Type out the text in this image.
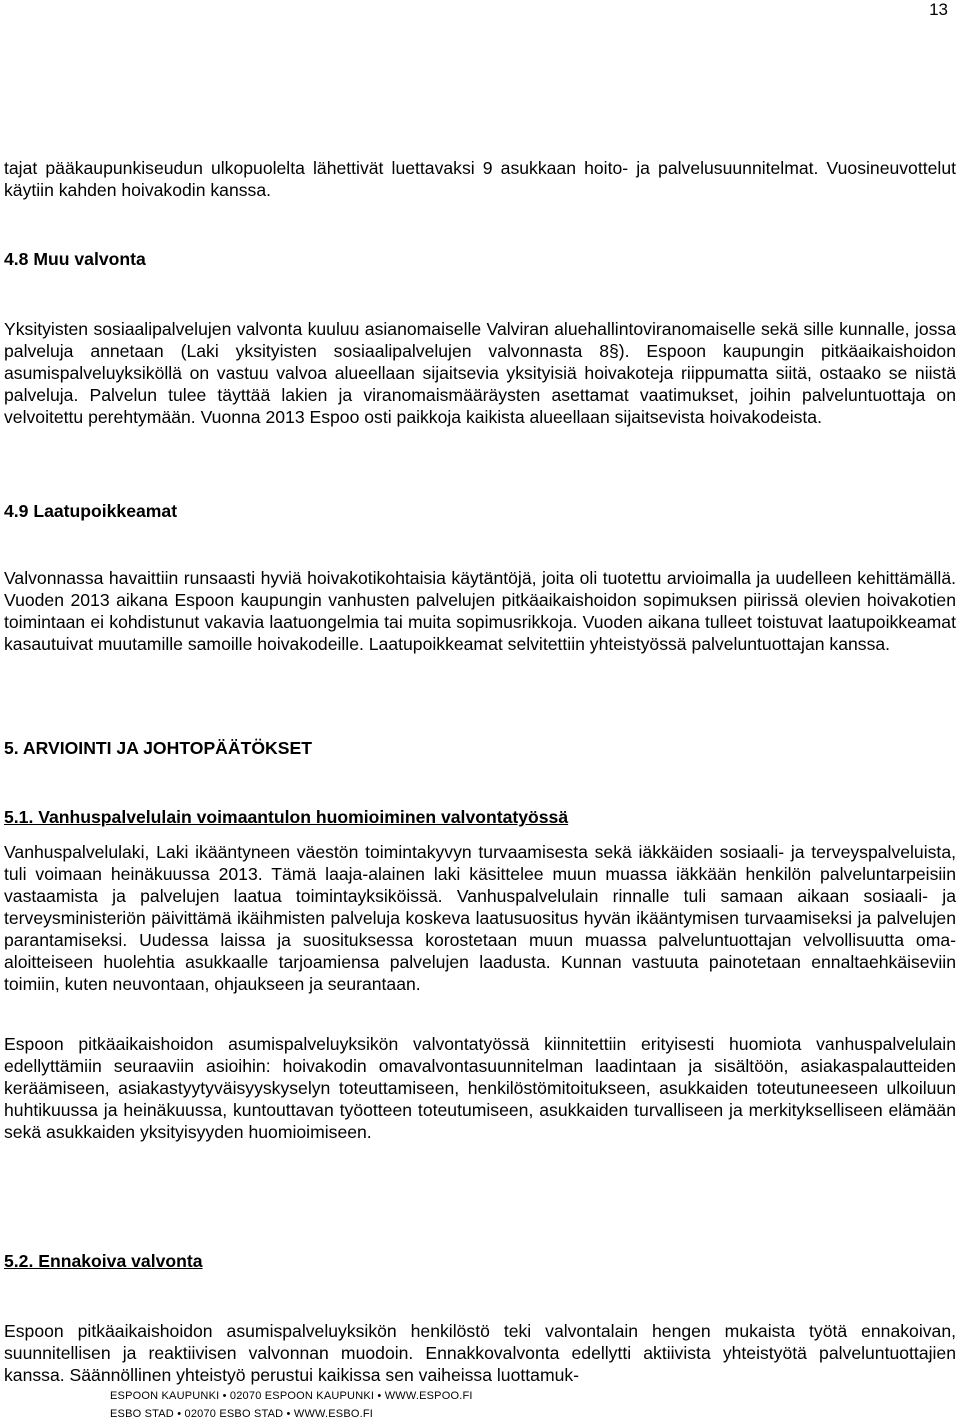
13

tajat pääkaupunkiseudun ulkopuolelta lähettivät luettavaksi 9 asukkaan hoito- ja palvelusuunnitelmat. Vuosineuvottelut käytiin kahden hoivakodin kanssa.

4.8 Muu valvonta

Yksityisten sosiaalipalvelujen valvonta kuuluu asianomaiselle Valviran aluehallintoviranomaiselle sekä sille kunnalle, jossa palveluja annetaan (Laki yksityisten sosiaalipalvelujen valvonnasta 8§). Espoon kaupungin pitkäaikaishoidon asumispalveluyksiköllä on vastuu valvoa alueellaan sijaitsevia yksityisiä hoivakoteja riippumatta siitä, ostaako se niistä palveluja. Palvelun tulee täyttää lakien ja viranomaismääräysten asettamat vaatimukset, joihin palveluntuottaja on velvoitettu perehtymään. Vuonna 2013 Espoo osti paikkoja kaikista alueellaan sijaitsevista hoivakodeista.

4.9 Laatupoikkeamat

Valvonnassa havaittiin runsaasti hyviä hoivakotikohtaisia käytäntöjä, joita oli tuotettu arvioimalla ja uudelleen kehittämällä. Vuoden 2013 aikana Espoon kaupungin vanhusten palvelujen pitkäaikaishoidon sopimuksen piirissä olevien hoivakotien toimintaan ei kohdistunut vakavia laatuongelmia tai muita sopimusrikkoja. Vuoden aikana tulleet toistuvat laatupoikkeamat kasautuivat muutamille samoille hoivakodeille. Laatupoikkeamat selvitettiin yhteistyössä palveluntuottajan kanssa.

5. ARVIOINTI JA JOHTOPÄÄTÖKSET
5.1. Vanhuspalvelulain voimaantulon huomioiminen valvontatyössä

Vanhuspalvelulaki, Laki ikääntyneen väestön toimintakyvyn turvaamisesta sekä iäkkäiden sosiaali- ja terveyspalveluista, tuli voimaan heinäkuussa 2013. Tämä laaja-alainen laki käsittelee muun muassa iäkkään henkilön palveluntarpeisiin vastaamista ja palvelujen laatua toimintayksiköissä. Vanhuspalvelulain rinnalle tuli samaan aikaan sosiaali- ja terveysministeriön päivittämä ikäihmisten palveluja koskeva laatusuositus hyvän ikääntymisen turvaamiseksi ja palvelujen parantamiseksi. Uudessa laissa ja suosituksessa korostetaan muun muassa palveluntuottajan velvollisuutta oma-aloitteiseen huolehtia asukkaalle tarjoamiensa palvelujen laadusta. Kunnan vastuuta painotetaan ennaltaehkäiseviin toimiin, kuten neuvontaan, ohjaukseen ja seurantaan.

Espoon pitkäaikaishoidon asumispalveluyksikön valvontatyössä kiinnitettiin erityisesti huomiota vanhuspalvelulain edellyttämiin seuraaviin asioihin: hoivakodin omavalvontasuunnitelman laadintaan ja sisältöön, asiakaspalautteiden keräämiseen, asiakastyytyväisyyskyselyn toteuttamiseen, henkilöstömitoitukseen, asukkaiden toteutuneeseen ulkoiluun huhtikuussa ja heinäkuussa, kuntouttavan työotteen toteutumiseen, asukkaiden turvalliseen ja merkitykselliseen elämään sekä asukkaiden yksityisyyden huomioimiseen.

5.2. Ennakoiva valvonta

Espoon pitkäaikaishoidon asumispalveluyksikön henkilöstö teki valvontalain hengen mukaista työtä ennakoivan, suunnitellisen ja reaktiivisen valvonnan muodoin. Ennakkovalvonta edellytti aktiivista yhteistyötä palveluntuottajien kanssa. Säännöllinen yhteistyö perustui kaikissa sen vaiheissa luottamuk-

ESPOON KAUPUNKI • 02070 ESPOON KAUPUNKI • WWW.ESPOO.FI
ESBO STAD • 02070 ESBO STAD • WWW.ESBO.FI
